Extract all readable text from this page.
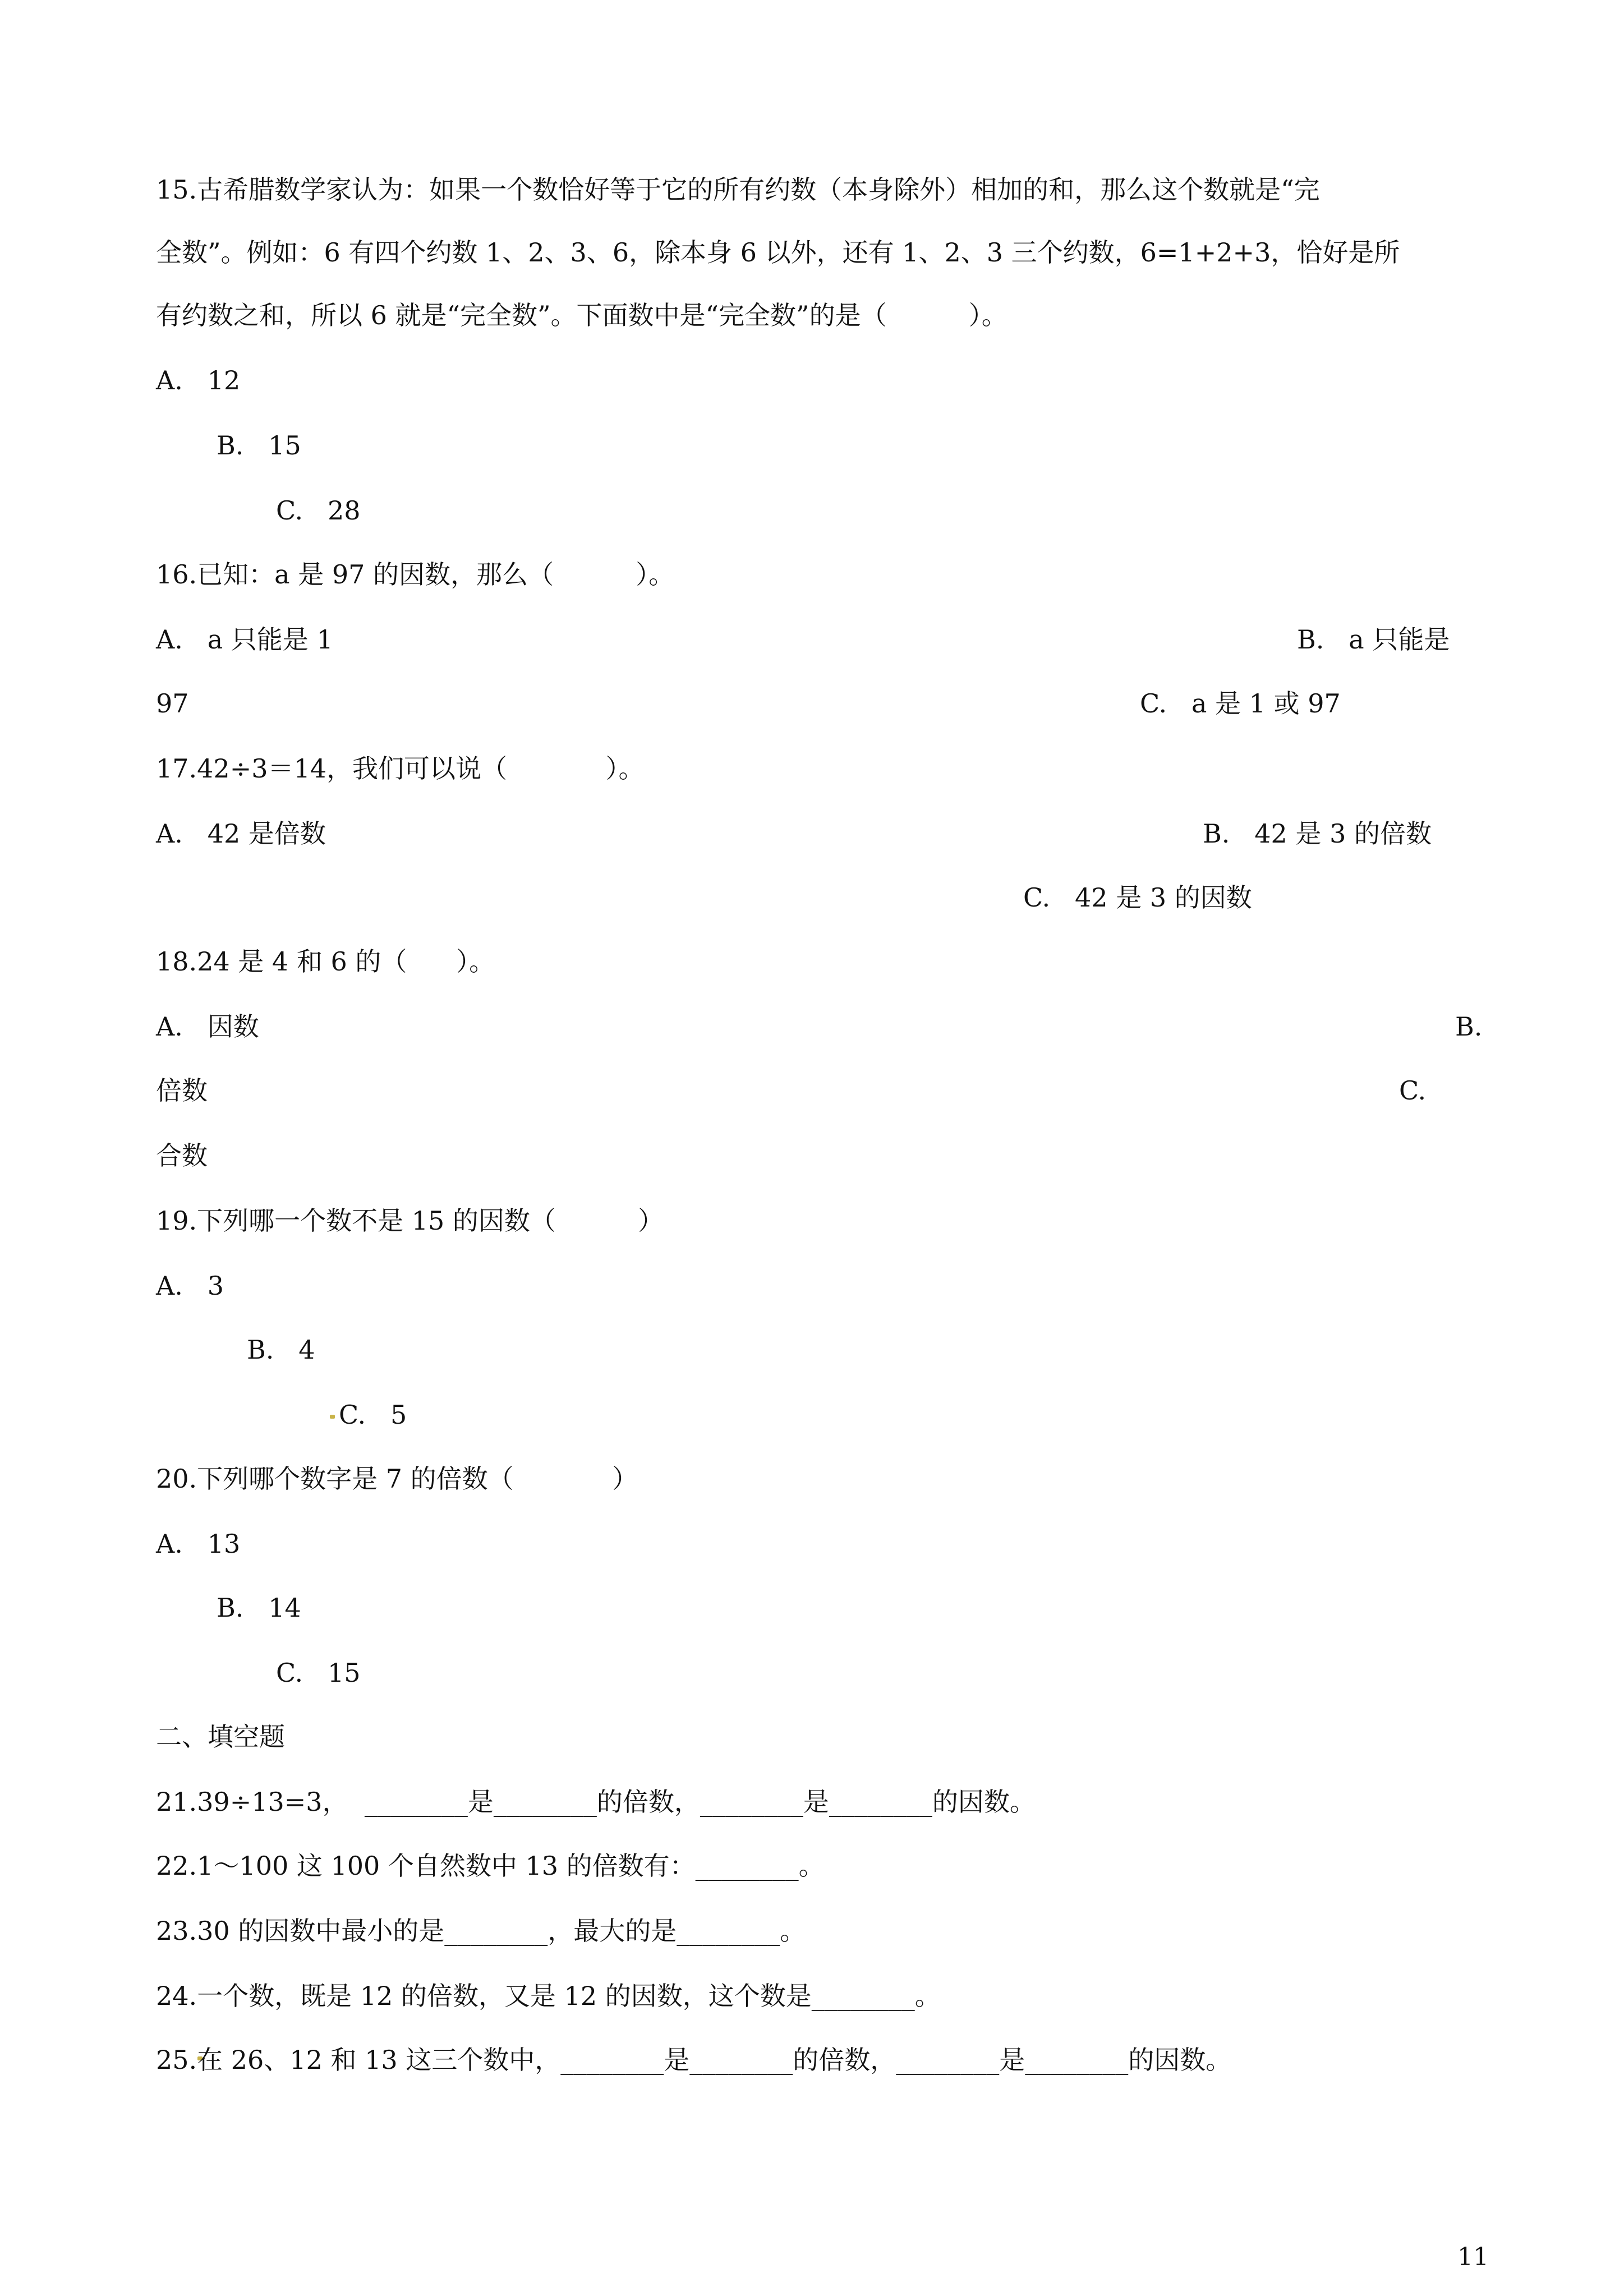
15.古希腊数学家认为：如果一个数恰好等于它的所有约数（本身除外）相加的和，那么这个数就是“完
全数”。例如：6 有四个约数 1、2、3、6，除本身 6 以外，还有 1、2、3 三个约数，6=1+2+3，恰好是所
有约数之和，所以 6 就是“完全数”。下面数中是“完全数”的是（          ）。
A.   12
B.   15
C.   28
16.已知：a 是 97 的因数，那么（          ）。
A.   a 只能是 1	B.   a 只能是
97	C.   a 是 1 或 97
17.42÷3＝14，我们可以说（            ）。
A.   42 是倍数	B.   42 是 3 的倍数
C.   42 是 3 的因数
18.24 是 4 和 6 的（      ）。
A.   因数	B.
倍数	C.
合数
19.下列哪一个数不是 15 的因数（          ）
A.   3
B.   4
C.   5
20.下列哪个数字是 7 的倍数（            ）
A.   13
B.   14
C.   15
二、填空题
21.39÷13=3，  ________是________的倍数，________是________的因数。
22.1～100 这 100 个自然数中 13 的倍数有：________。
23.30 的因数中最小的是________，最大的是________。
24.一个数，既是 12 的倍数，又是 12 的因数，这个数是________。
25.在 26、12 和 13 这三个数中，________是________的倍数，________是________的因数。
11
